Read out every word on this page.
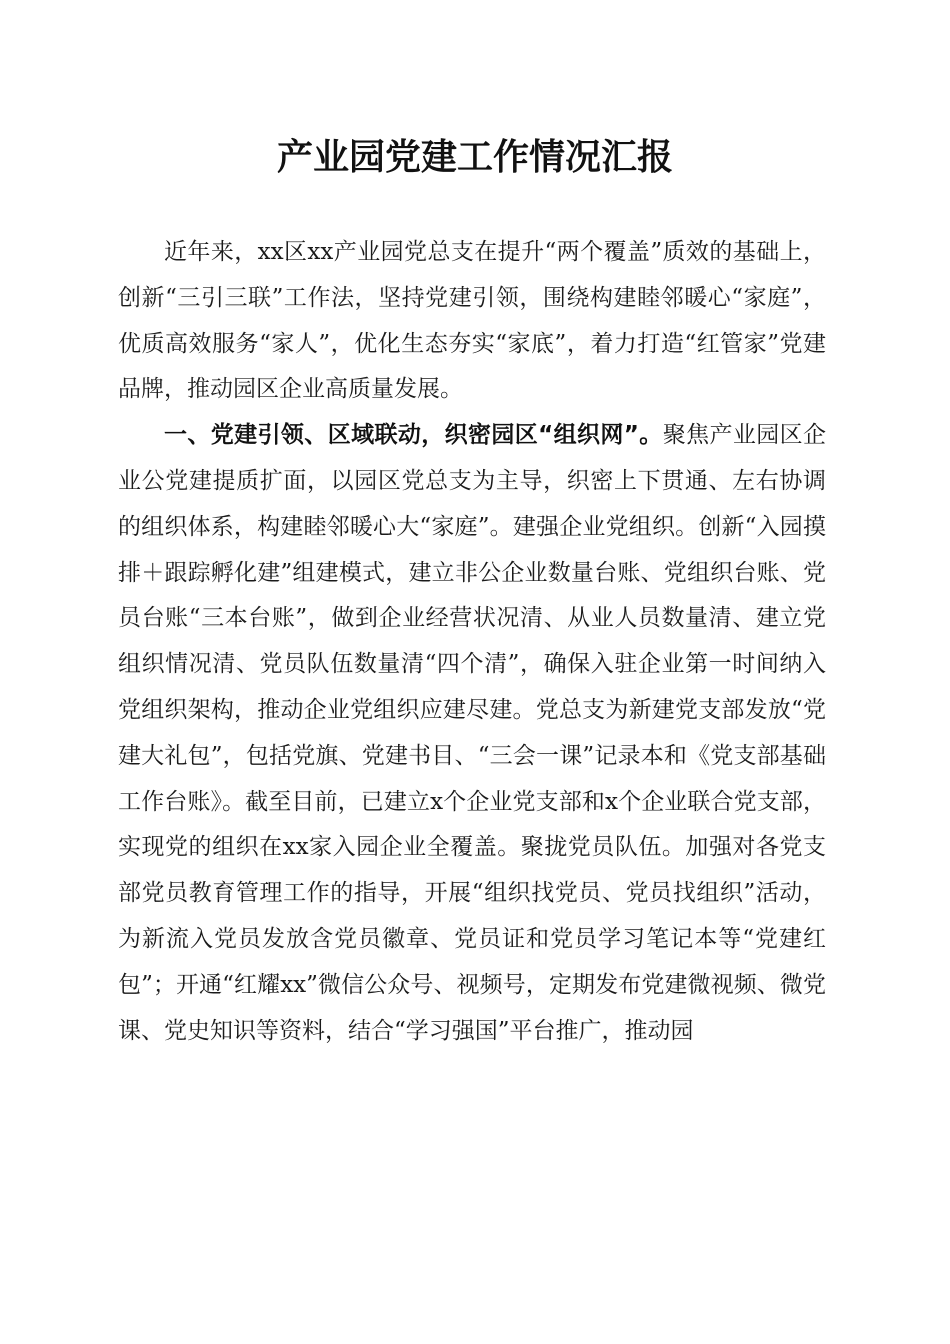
产业园党建工作情况汇报

近年来，xx区xx产业园党总支在提升“两个覆盖”质效的基础上，创新“三引三联”工作法，坚持党建引领，围绕构建睦邻暖心“家庭”，优质高效服务“家人”，优化生态夯实“家底”，着力打造“红管家”党建品牌，推动园区企业高质量发展。

一、党建引领、区域联动，织密园区“组织网”。聚焦产业园区企业公党建提质扩面，以园区党总支为主导，织密上下贯通、左右协调的组织体系，构建睦邻暖心大“家庭”。建强企业党组织。创新“入园摸排＋跟踪孵化建”组建模式，建立非公企业数量台账、党组织台账、党员台账“三本台账”，做到企业经营状况清、从业人员数量清、建立党组织情况清、党员队伍数量清“四个清”，确保入驻企业第一时间纳入党组织架构，推动企业党组织应建尽建。党总支为新建党支部发放“党建大礼包”，包括党旗、党建书目、“三会一课”记录本和《党支部基础工作台账》。截至目前，已建立x个企业党支部和x个企业联合党支部，实现党的组织在xx家入园企业全覆盖。聚拢党员队伍。加强对各党支部党员教育管理工作的指导，开展“组织找党员、党员找组织”活动，为新流入党员发放含党员徽章、党员证和党员学习笔记本等“党建红包”；开通“红耀xx”微信公众号、视频号，定期发布党建微视频、微党课、党史知识等资料，结合“学习强国”平台推广，推动园
